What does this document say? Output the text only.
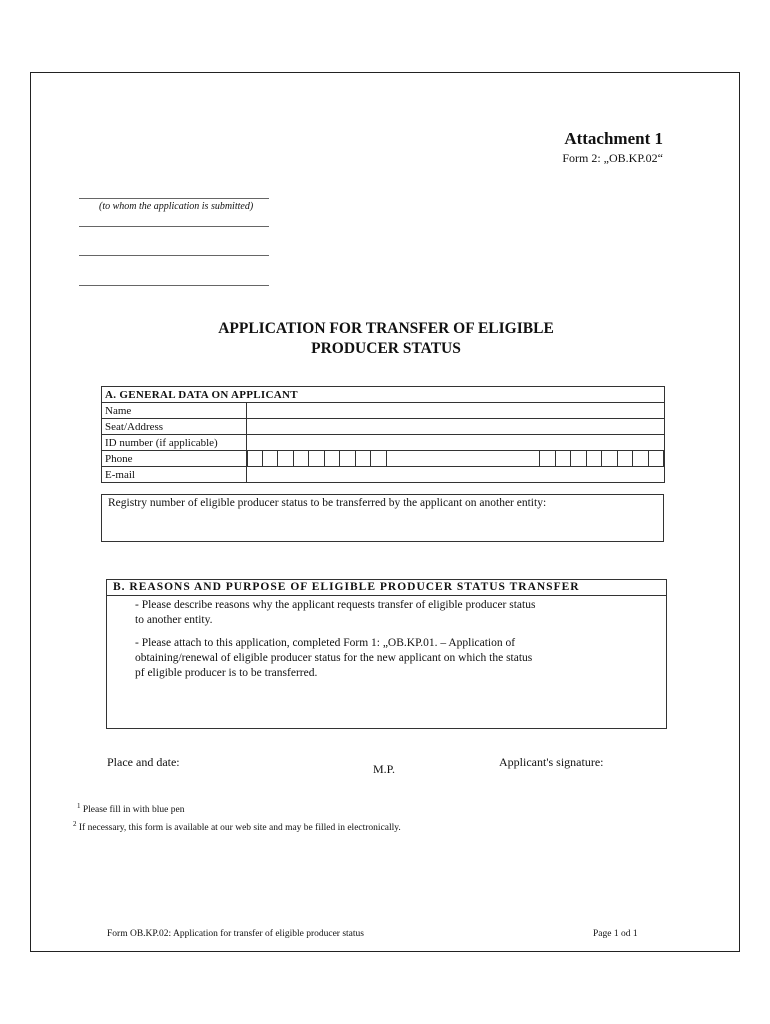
Attachment 1
Form 2: „OB.KP.02“
(to whom the application is submitted)
APPLICATION FOR TRANSFER OF ELIGIBLE
PRODUCER STATUS
A. GENERAL DATA ON APPLICANT	
Name	
Seat/Address	
ID number (if applicable)	
Phone	

E-mail	
Registry number of eligible producer status to be transferred by the applicant on another entity:
B. REASONS AND PURPOSE OF ELIGIBLE PRODUCER STATUS TRANSFER

- Please describe reasons why the applicant requests transfer of eligible producer status
to another entity.

- Please attach to this application, completed Form 1: „OB.KP.01. – Application of
obtaining/renewal of eligible producer status for the new applicant on which the status
pf eligible producer is to be transferred.

Place and date:	M.P.	Applicant's signature:
$^1$ Please fill in with blue pen
$^2$ If necessary, this form is available at our web site and may be filled in electronically.
Form OB.KP.02: Application for transfer of eligible producer status	Page 1 od 1
